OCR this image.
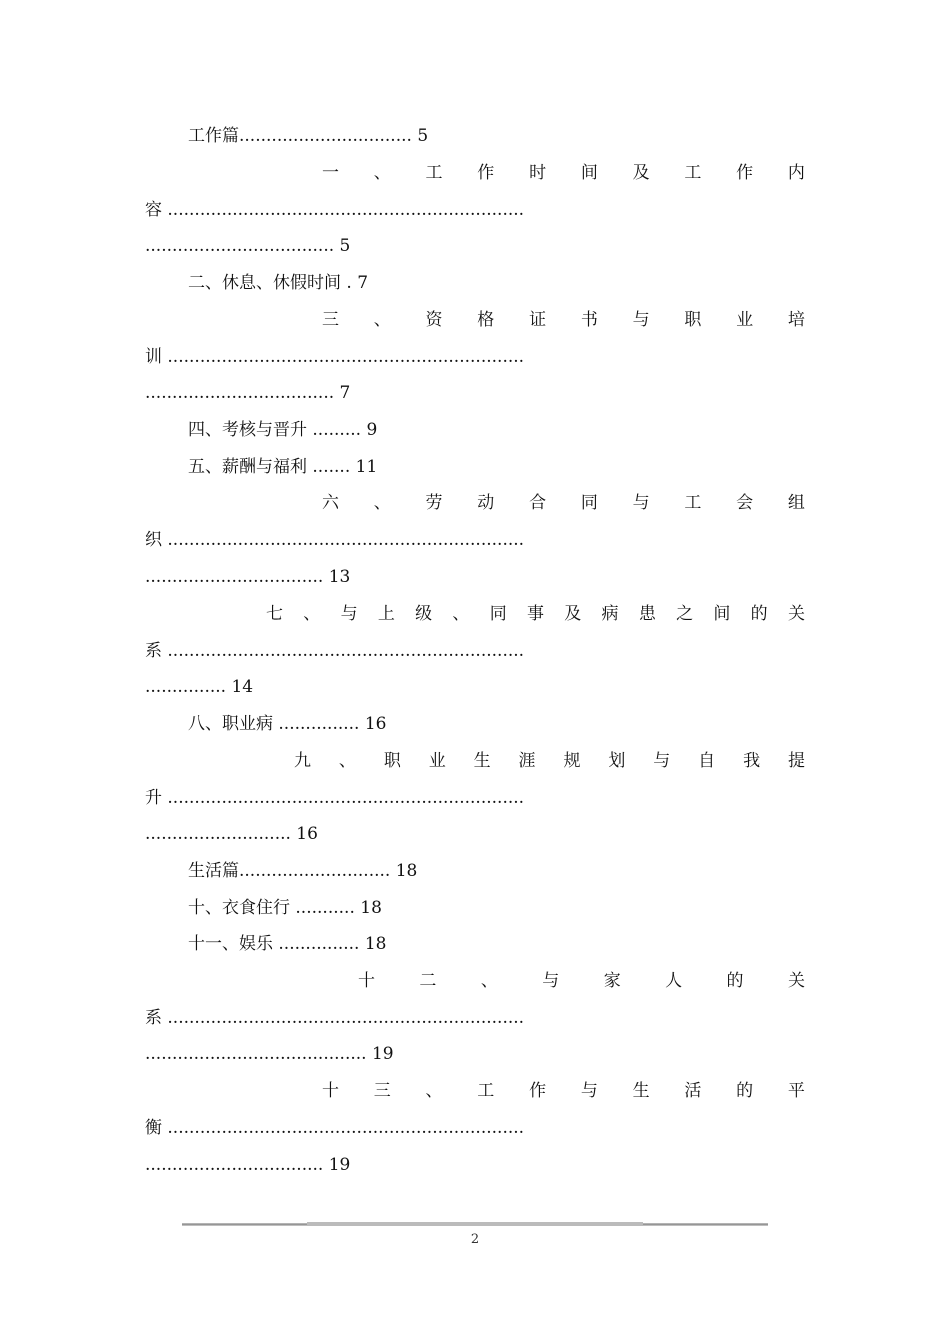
工作篇................................ 5
一 、 工 作 时 间 及 工 作 内
容 ..................................................................
................................... 5
二、休息、休假时间 . 7
三 、 资 格 证 书 与 职 业 培
训 ..................................................................
................................... 7
四、考核与晋升 ......... 9
五、薪酬与福利 ....... 11
六 、 劳 动 合 同 与 工 会 组
织 ..................................................................
................................. 13
七 、 与 上 级 、 同 事 及 病 患 之 间 的 关
系 ..................................................................
............... 14
八、职业病 ............... 16
九 、 职 业 生 涯 规 划 与 自 我 提
升 ..................................................................
........................... 16
生活篇............................ 18
十、衣食住行 ........... 18
十一、娱乐 ............... 18
十	二	、	与	家	人	的	关
系 ..................................................................
......................................... 19
十 三 、 工 作 与 生 活 的 平
衡 ..................................................................
................................. 19
2
